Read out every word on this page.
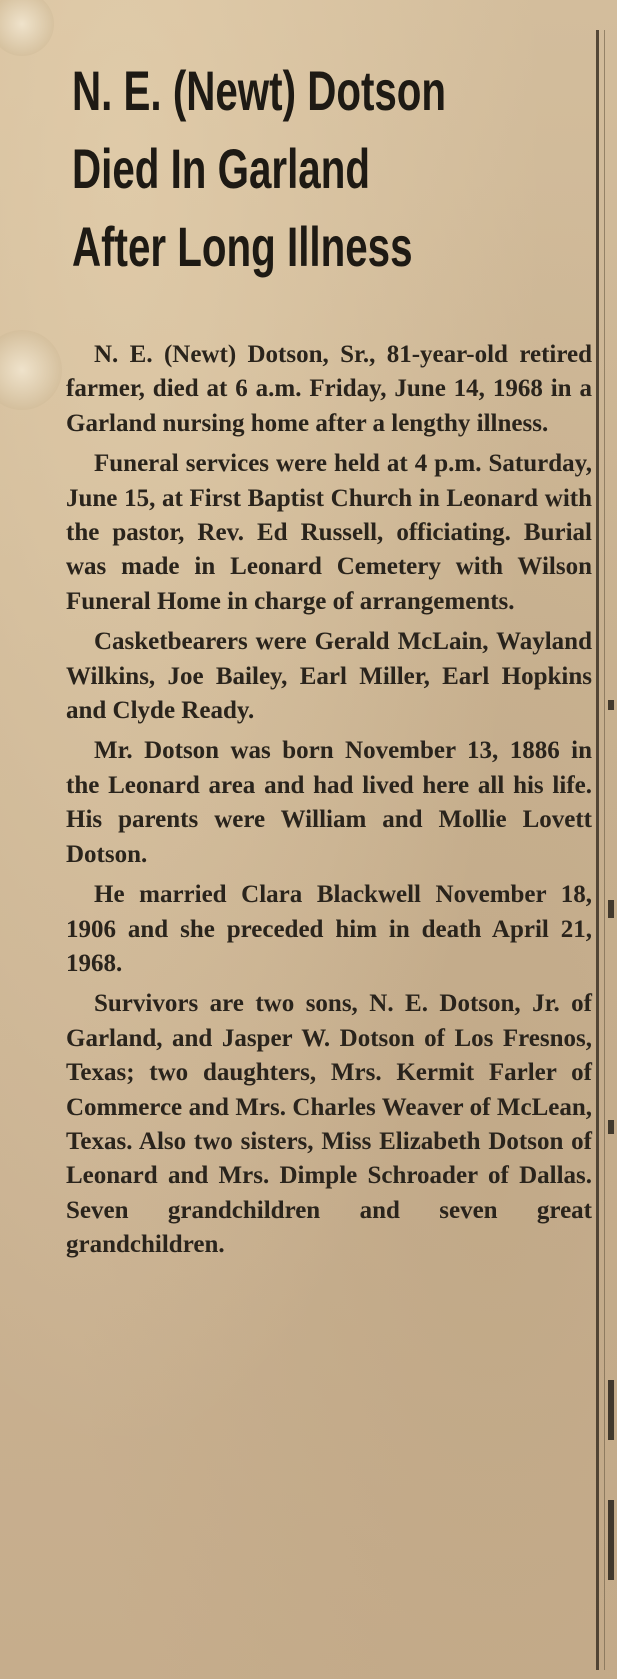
N. E. (Newt) Dotson
Died In Garland
After Long Illness

N. E. (Newt) Dotson, Sr., 81-year-old retired farmer, died at 6 a.m. Friday, June 14, 1968 in a Garland nursing home after a lengthy illness.

Funeral services were held at 4 p.m. Saturday, June 15, at First Baptist Church in Leonard with the pastor, Rev. Ed Russell, officiating. Burial was made in Leonard Cemetery with Wilson Funeral Home in charge of arrangements.

Casketbearers were Gerald McLain, Wayland Wilkins, Joe Bailey, Earl Miller, Earl Hopkins and Clyde Ready.

Mr. Dotson was born November 13, 1886 in the Leonard area and had lived here all his life. His parents were William and Mollie Lovett Dotson.

He married Clara Blackwell November 18, 1906 and she preceded him in death April 21, 1968.

Survivors are two sons, N. E. Dotson, Jr. of Garland, and Jasper W. Dotson of Los Fresnos, Texas; two daughters, Mrs. Kermit Farler of Commerce and Mrs. Charles Weaver of McLean, Texas. Also two sisters, Miss Elizabeth Dotson of Leonard and Mrs. Dimple Schroader of Dallas. Seven grandchildren and seven great grandchildren.
